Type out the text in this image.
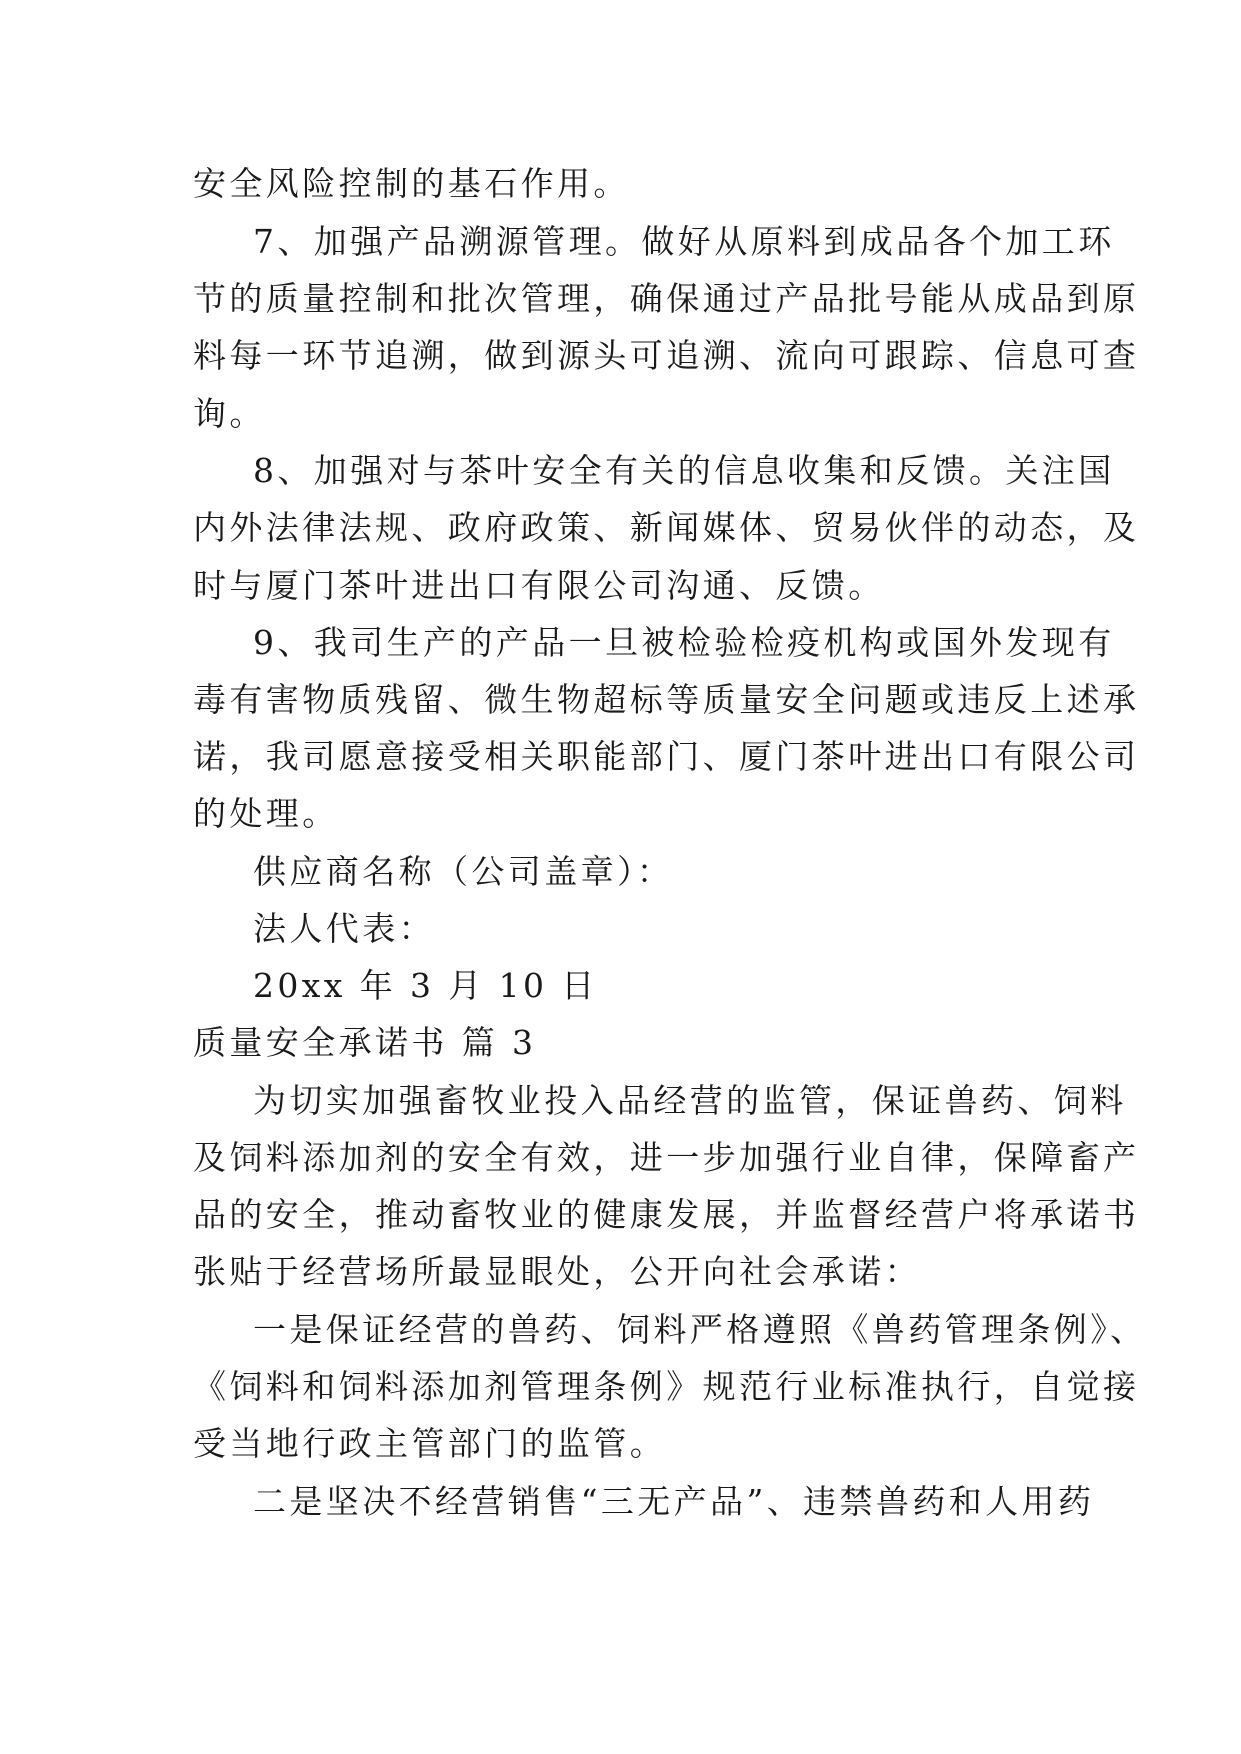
安全风险控制的基石作用。
7、加强产品溯源管理。做好从原料到成品各个加工环
节的质量控制和批次管理，确保通过产品批号能从成品到原
料每一环节追溯，做到源头可追溯、流向可跟踪、信息可查
询。
8、加强对与茶叶安全有关的信息收集和反馈。关注国
内外法律法规、政府政策、新闻媒体、贸易伙伴的动态，及
时与厦门茶叶进出口有限公司沟通、反馈。
9、我司生产的产品一旦被检验检疫机构或国外发现有
毒有害物质残留、微生物超标等质量安全问题或违反上述承
诺，我司愿意接受相关职能部门、厦门茶叶进出口有限公司
的处理。
供应商名称（公司盖章）：
法人代表：
20xx 年 3 月 10 日
质量安全承诺书 篇 3
为切实加强畜牧业投入品经营的监管，保证兽药、饲料
及饲料添加剂的安全有效，进一步加强行业自律，保障畜产
品的安全，推动畜牧业的健康发展，并监督经营户将承诺书
张贴于经营场所最显眼处，公开向社会承诺：
一是保证经营的兽药、饲料严格遵照《兽药管理条例》、
《饲料和饲料添加剂管理条例》规范行业标准执行，自觉接
受当地行政主管部门的监管。
二是坚决不经营销售“三无产品”、违禁兽药和人用药
